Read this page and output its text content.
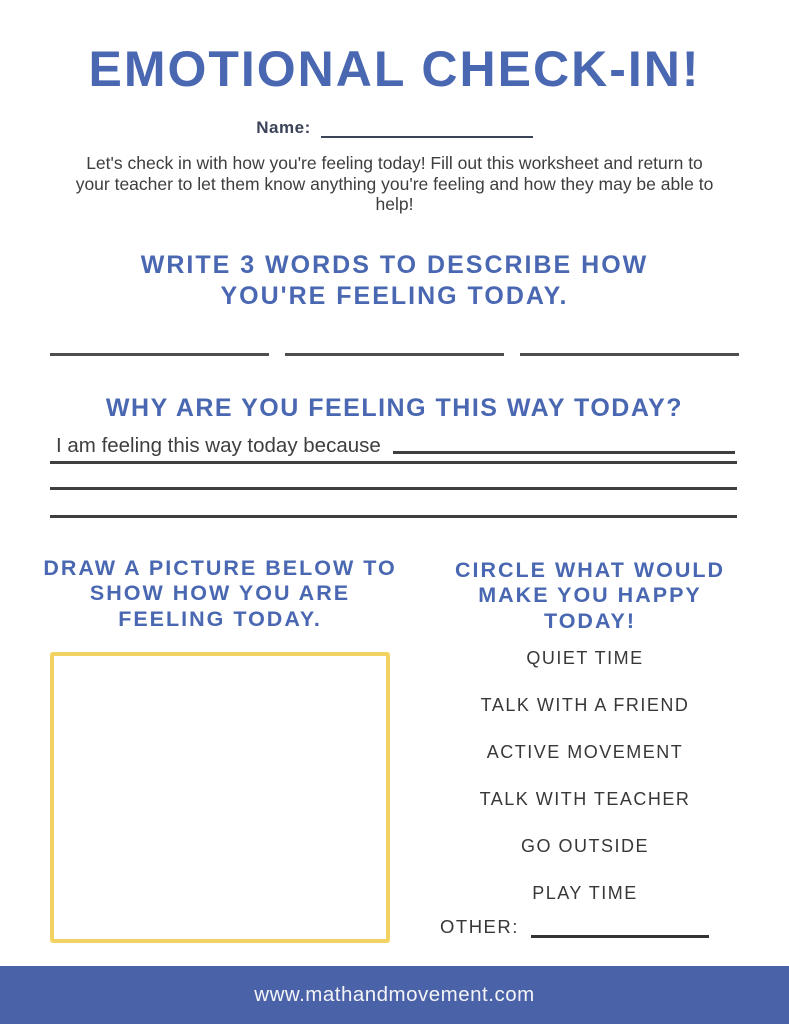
EMOTIONAL CHECK-IN!
Name:
Let's check in with how you're feeling today! Fill out this worksheet and return to your teacher to let them know anything you're feeling and how they may be able to help!
WRITE 3 WORDS TO DESCRIBE HOW YOU'RE FEELING TODAY.
WHY ARE YOU FEELING THIS WAY TODAY?
I am feeling this way today because
DRAW A PICTURE BELOW TO SHOW HOW YOU ARE FEELING TODAY.
CIRCLE WHAT WOULD MAKE YOU HAPPY TODAY!
QUIET TIME
TALK WITH A FRIEND
ACTIVE MOVEMENT
TALK WITH TEACHER
GO OUTSIDE
PLAY TIME
OTHER:
www.mathandmovement.com
